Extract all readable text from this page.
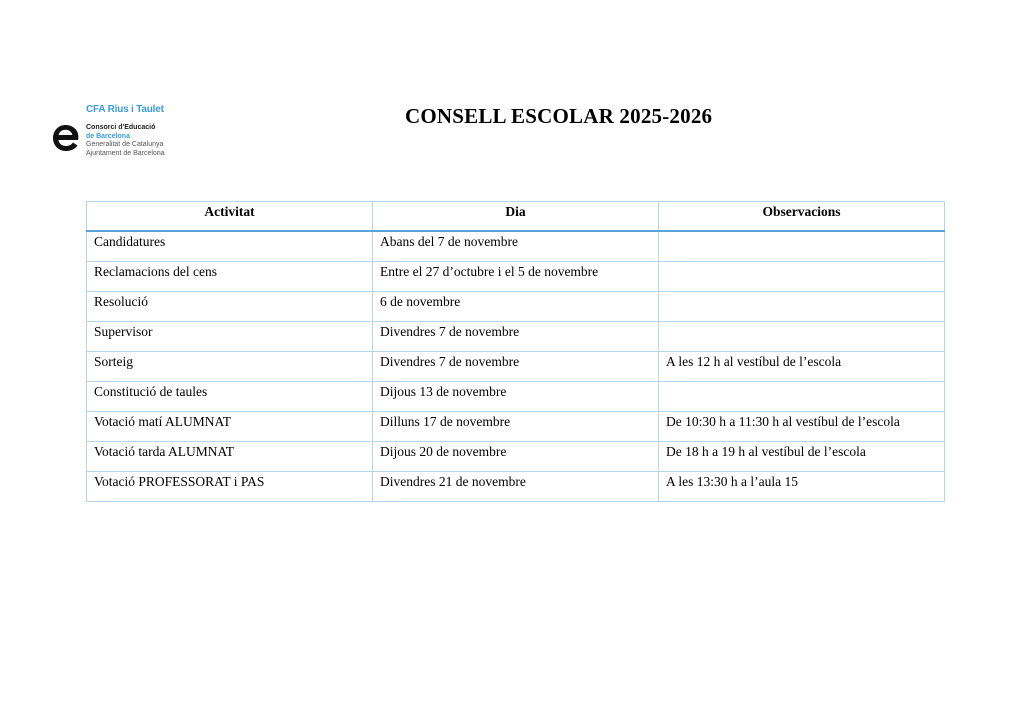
CFA Rius i Taulet
Consorci d'Educació
de Barcelona
Generalitat de Catalunya
Ajuntament de Barcelona
CONSELL ESCOLAR 2025-2026
Activitat	Dia	Observacions
Candidatures	Abans del 7 de novembre	
Reclamacions del cens	Entre el 27 d’octubre i el 5 de novembre	
Resolució	6 de novembre	
Supervisor	Divendres 7 de novembre	
Sorteig	Divendres 7 de novembre	A les 12 h al vestíbul de l’escola
Constitució de taules	Dijous 13 de novembre	
Votació matí ALUMNAT	Dilluns 17 de novembre	De 10:30 h a 11:30 h al vestíbul de l’escola
Votació tarda ALUMNAT	Dijous 20 de novembre	De 18 h a 19 h al vestíbul de l’escola
Votació PROFESSORAT i PAS	Divendres 21 de novembre	A les 13:30 h a l’aula 15
